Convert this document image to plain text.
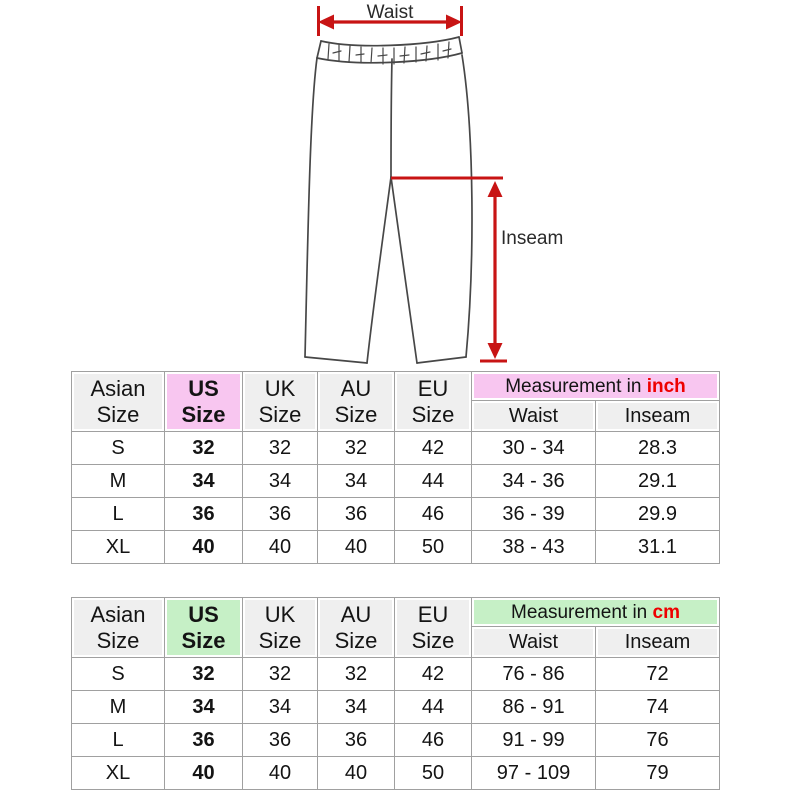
Waist
Inseam
Asian Size	US Size	UK Size	AU Size	EU Size	Measurement in inch	
					Waist	Inseam
S	32	32	32	42	30 - 34	28.3
M	34	34	34	44	34 - 36	29.1
L	36	36	36	46	36 - 39	29.9
XL	40	40	40	50	38 - 43	31.1
Asian Size	US Size	UK Size	AU Size	EU Size	Measurement in cm	
					Waist	Inseam
S	32	32	32	42	76 - 86	72
M	34	34	34	44	86 - 91	74
L	36	36	36	46	91 - 99	76
XL	40	40	40	50	97 - 109	79
